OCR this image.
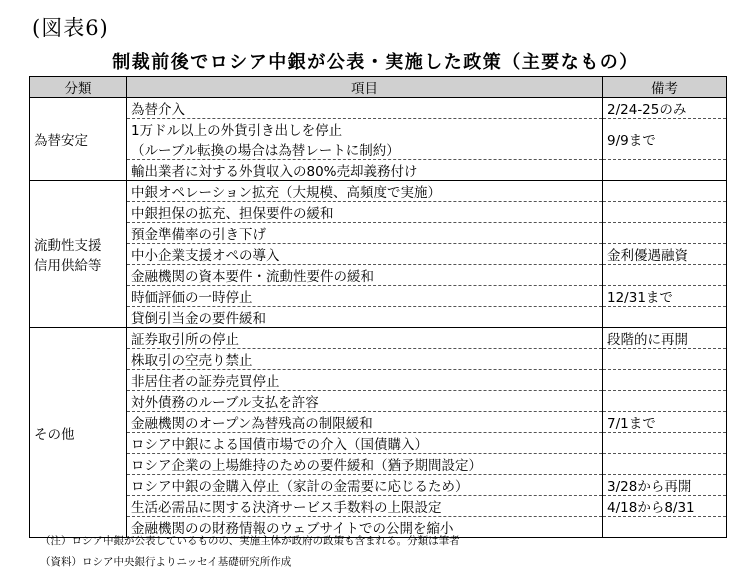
(図表6)
制裁前後でロシア中銀が公表・実施した政策（主要なもの）
分類	項目	備考

為替安定	為替介入	2/24-25のみ

	1万ドル以上の外貨引き出しを停止
（ルーブル転換の場合は為替レートに制約）	9/9まで

	輸出業者に対する外貨収入の80%売却義務付け	

流動性支援
信用供給等	中銀オペレーション拡充（大規模、高頻度で実施）	

	中銀担保の拡充、担保要件の緩和	

	預金準備率の引き下げ	

	中小企業支援オペの導入	金利優遇融資

	金融機関の資本要件・流動性要件の緩和	

	時価評価の一時停止	12/31まで

	貸倒引当金の要件緩和	

その他	証券取引所の停止	段階的に再開

	株取引の空売り禁止	

	非居住者の証券売買停止	

	対外債務のルーブル支払を許容	

	金融機関のオープン為替残高の制限緩和	7/1まで

	ロシア中銀による国債市場での介入（国債購入）	

	ロシア企業の上場維持のための要件緩和（猶予期間設定）	

	ロシア中銀の金購入停止（家計の金需要に応じるため）	3/28から再開

	生活必需品に関する決済サービス手数料の上限設定	4/18から8/31

	金融機関のの財務情報のウェブサイトでの公開を縮小	

（注）ロシア中銀が公表しているものの、実施主体が政府の政策も含まれる。分類は筆者
（資料）ロシア中央銀行よりニッセイ基礎研究所作成
